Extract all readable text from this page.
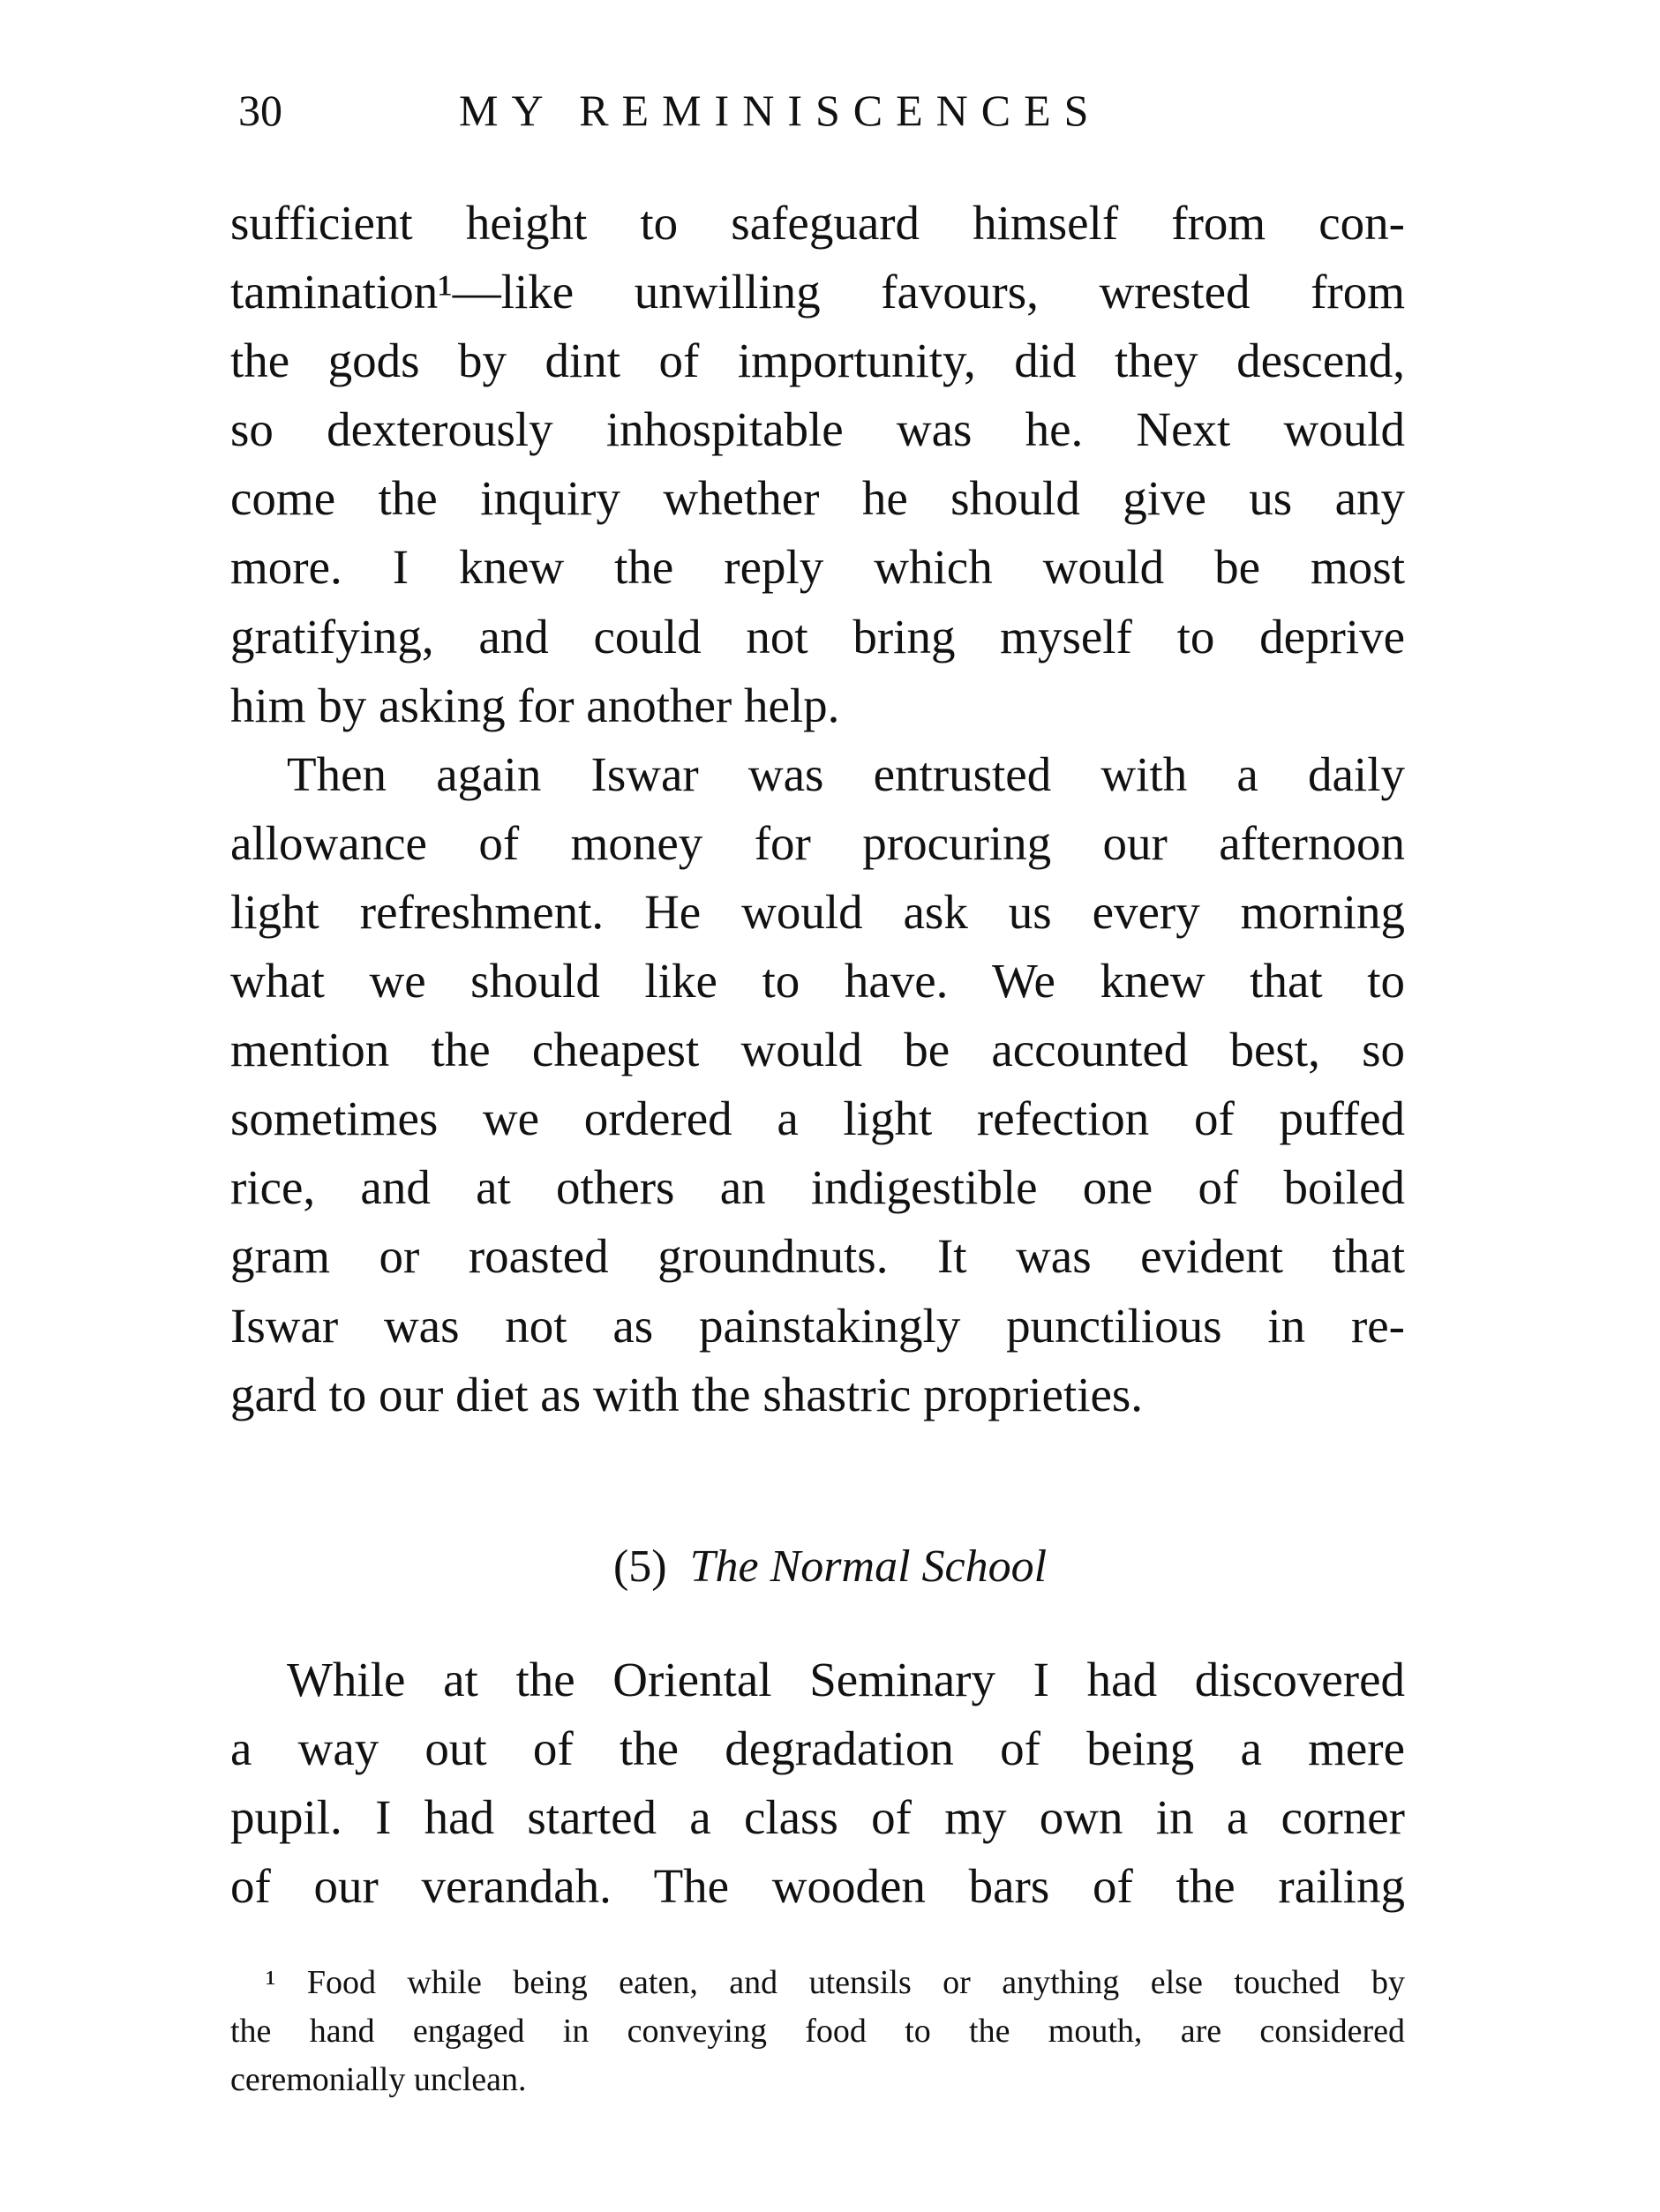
30	MY REMINISCENCES
sufficient height to safeguard himself from con-
tamination¹—like unwilling favours, wrested from
the gods by dint of importunity, did they descend,
so dexterously inhospitable was he. Next would
come the inquiry whether he should give us any
more. I knew the reply which would be most
gratifying, and could not bring myself to deprive
him by asking for another help.
Then again Iswar was entrusted with a daily
allowance of money for procuring our afternoon
light refreshment. He would ask us every morning
what we should like to have. We knew that to
mention the cheapest would be accounted best, so
sometimes we ordered a light refection of puffed
rice, and at others an indigestible one of boiled
gram or roasted groundnuts. It was evident that
Iswar was not as painstakingly punctilious in re-
gard to our diet as with the shastric proprieties.
(5) The Normal School
While at the Oriental Seminary I had discovered
a way out of the degradation of being a mere
pupil. I had started a class of my own in a corner
of our verandah. The wooden bars of the railing
¹ Food while being eaten, and utensils or anything else touched by
the hand engaged in conveying food to the mouth, are considered
ceremonially unclean.
